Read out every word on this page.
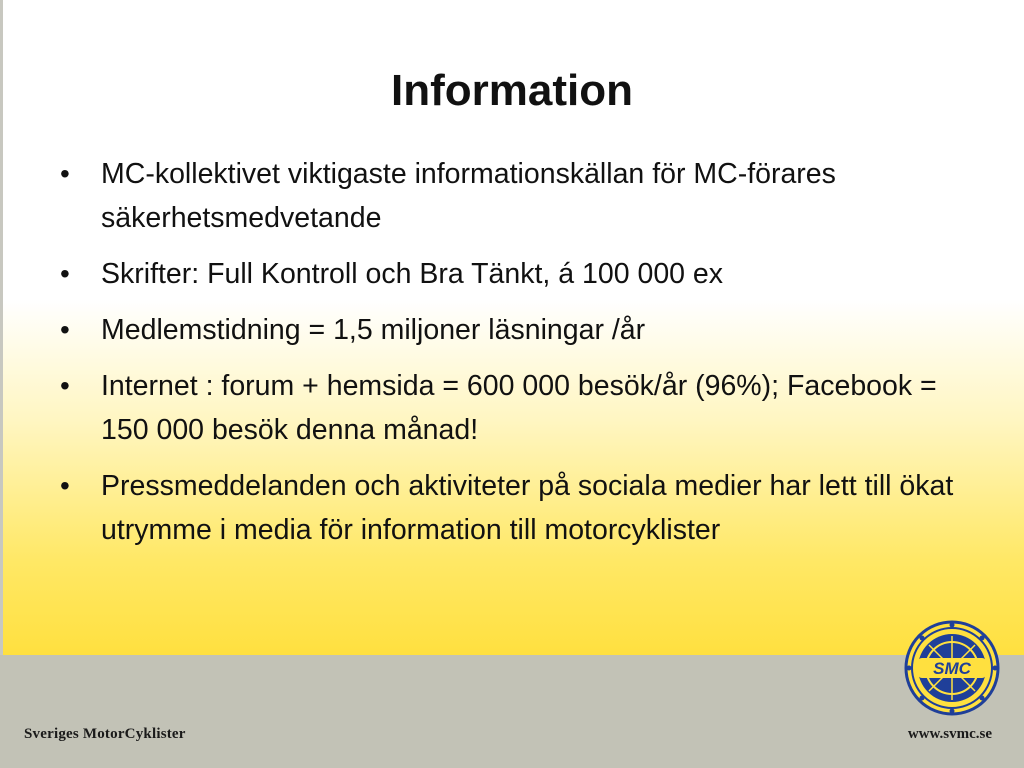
Information
• MC-kollektivet viktigaste informationskällan för MC-förares säkerhetsmedvetande
• Skrifter: Full Kontroll och Bra Tänkt, á 100 000 ex
• Medlemstidning = 1,5 miljoner läsningar /år
• Internet : forum + hemsida = 600 000 besök/år (96%); Facebook = 150 000 besök denna månad!
• Pressmeddelanden och aktiviteter på sociala medier har lett till ökat utrymme i media för information till motorcyklister
SMC
Sveriges MotorCyklister	www.svmc.se
